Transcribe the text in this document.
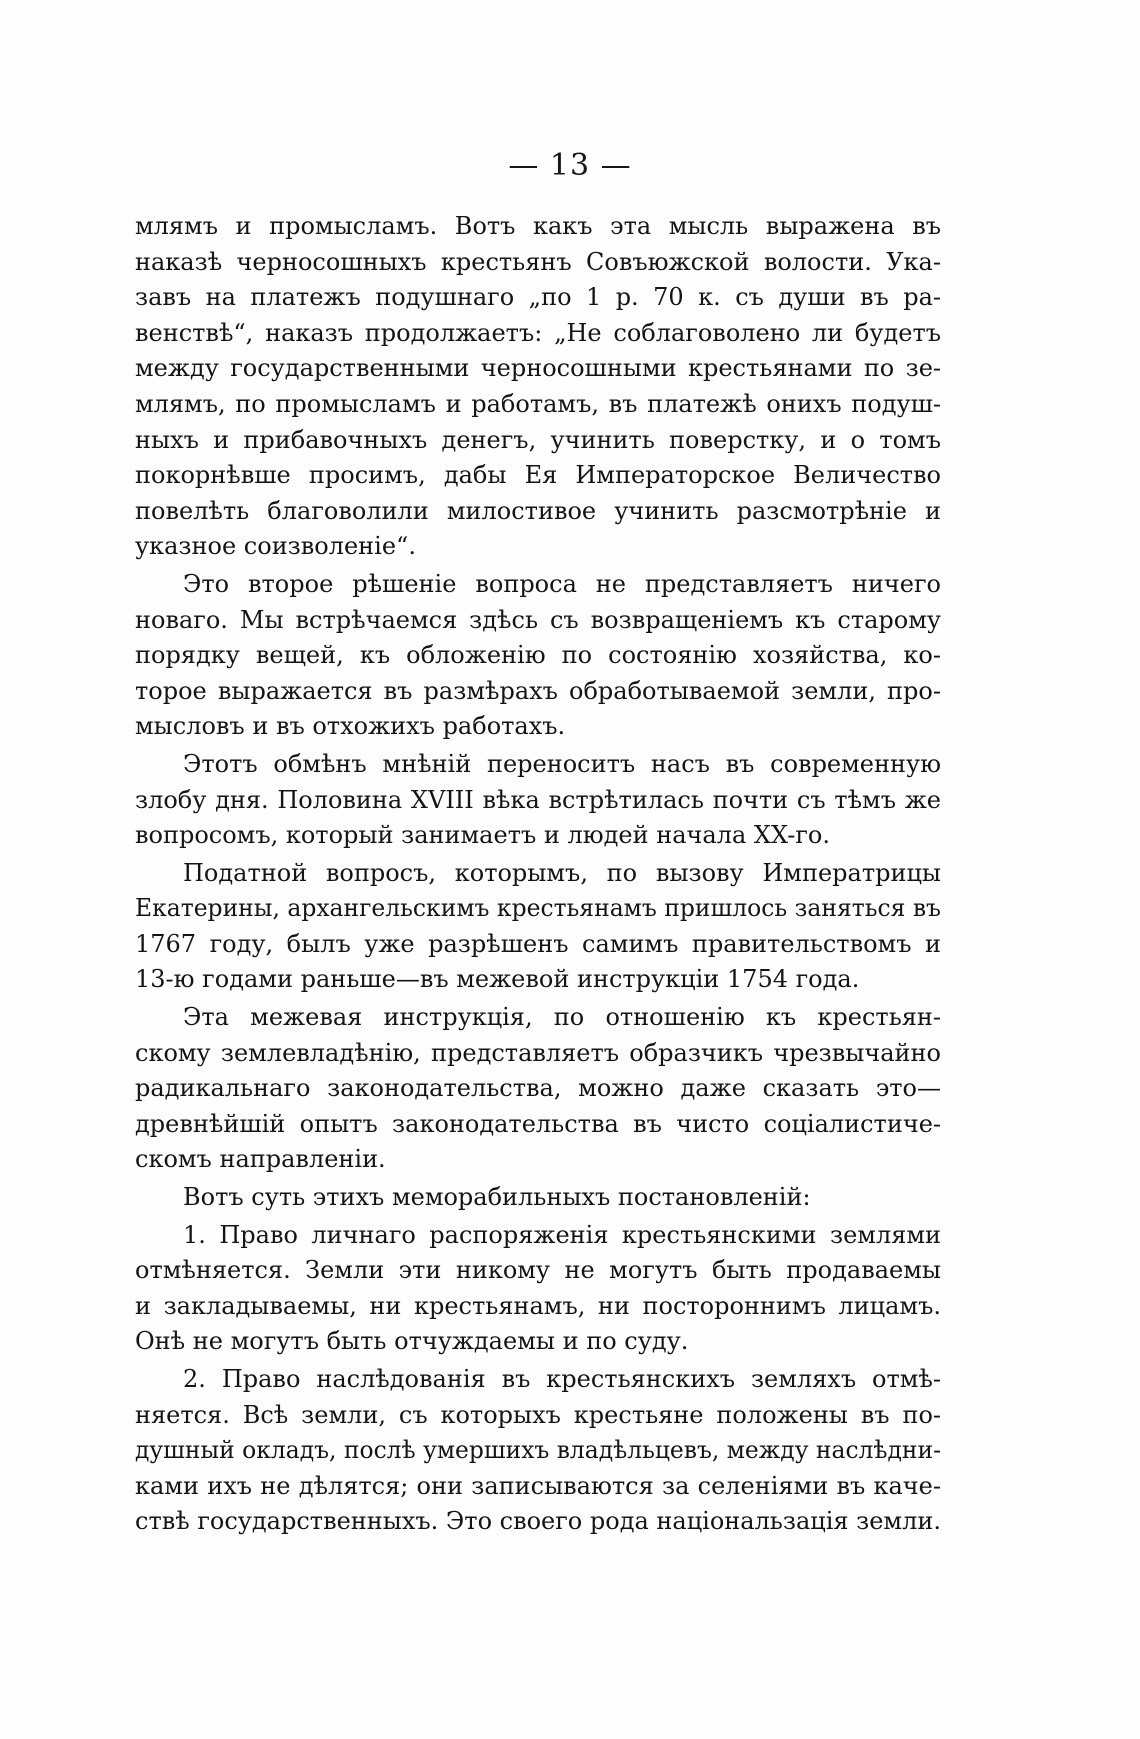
— 13 —
млямъ и промысламъ. Вотъ какъ эта мысль выражена въ
наказѣ черносошныхъ крестьянъ Совъюжской волости. Ука-
завъ на платежъ подушнаго „по 1 р. 70 к. съ души въ ра-
венствѣ“, наказъ продолжаетъ: „Не соблаговолено ли будетъ
между государственными черносошными крестьянами по зе-
млямъ, по промысламъ и работамъ, въ платежѣ онихъ подуш-
ныхъ и прибавочныхъ денегъ, учинить поверстку, и о томъ
покорнѣвше просимъ, дабы Ея Императорское Величество
повелѣть благоволили милостивое учинить разсмотрѣніе и
указное соизволеніе“.
Это второе рѣшеніе вопроса не представляетъ ничего
новаго. Мы встрѣчаемся здѣсь съ возвращеніемъ къ старому
порядку вещей, къ обложенію по состоянію хозяйства, ко-
торое выражается въ размѣрахъ обработываемой земли, про-
мысловъ и въ отхожихъ работахъ.
Этотъ обмѣнъ мнѣній переноситъ насъ въ современную
злобу дня. Половина XVIII вѣка встрѣтилась почти съ тѣмъ же
вопросомъ, который занимаетъ и людей начала XX-го.
Податной вопросъ, которымъ, по вызову Императрицы
Екатерины, архангельскимъ крестьянамъ пришлось заняться въ
1767 году, былъ уже разрѣшенъ самимъ правительствомъ и
13-ю годами раньше—въ межевой инструкціи 1754 года.
Эта межевая инструкція, по отношенію къ крестьян-
скому землевладѣнію, представляетъ образчикъ чрезвычайно
радикальнаго законодательства, можно даже сказать это—
древнѣйшій опытъ законодательства въ чисто соціалистиче-
скомъ направленіи.
Вотъ суть этихъ меморабильныхъ постановленій:
1. Право личнаго распоряженія крестьянскими землями
отмѣняется. Земли эти никому не могутъ быть продаваемы
и закладываемы, ни крестьянамъ, ни постороннимъ лицамъ.
Онѣ не могутъ быть отчуждаемы и по суду.
2. Право наслѣдованія въ крестьянскихъ земляхъ отмѣ-
няется. Всѣ земли, съ которыхъ крестьяне положены въ по-
душный окладъ, послѣ умершихъ владѣльцевъ, между наслѣдни-
ками ихъ не дѣлятся; они записываются за селеніями въ каче-
ствѣ государственныхъ. Это своего рода національзація земли.
